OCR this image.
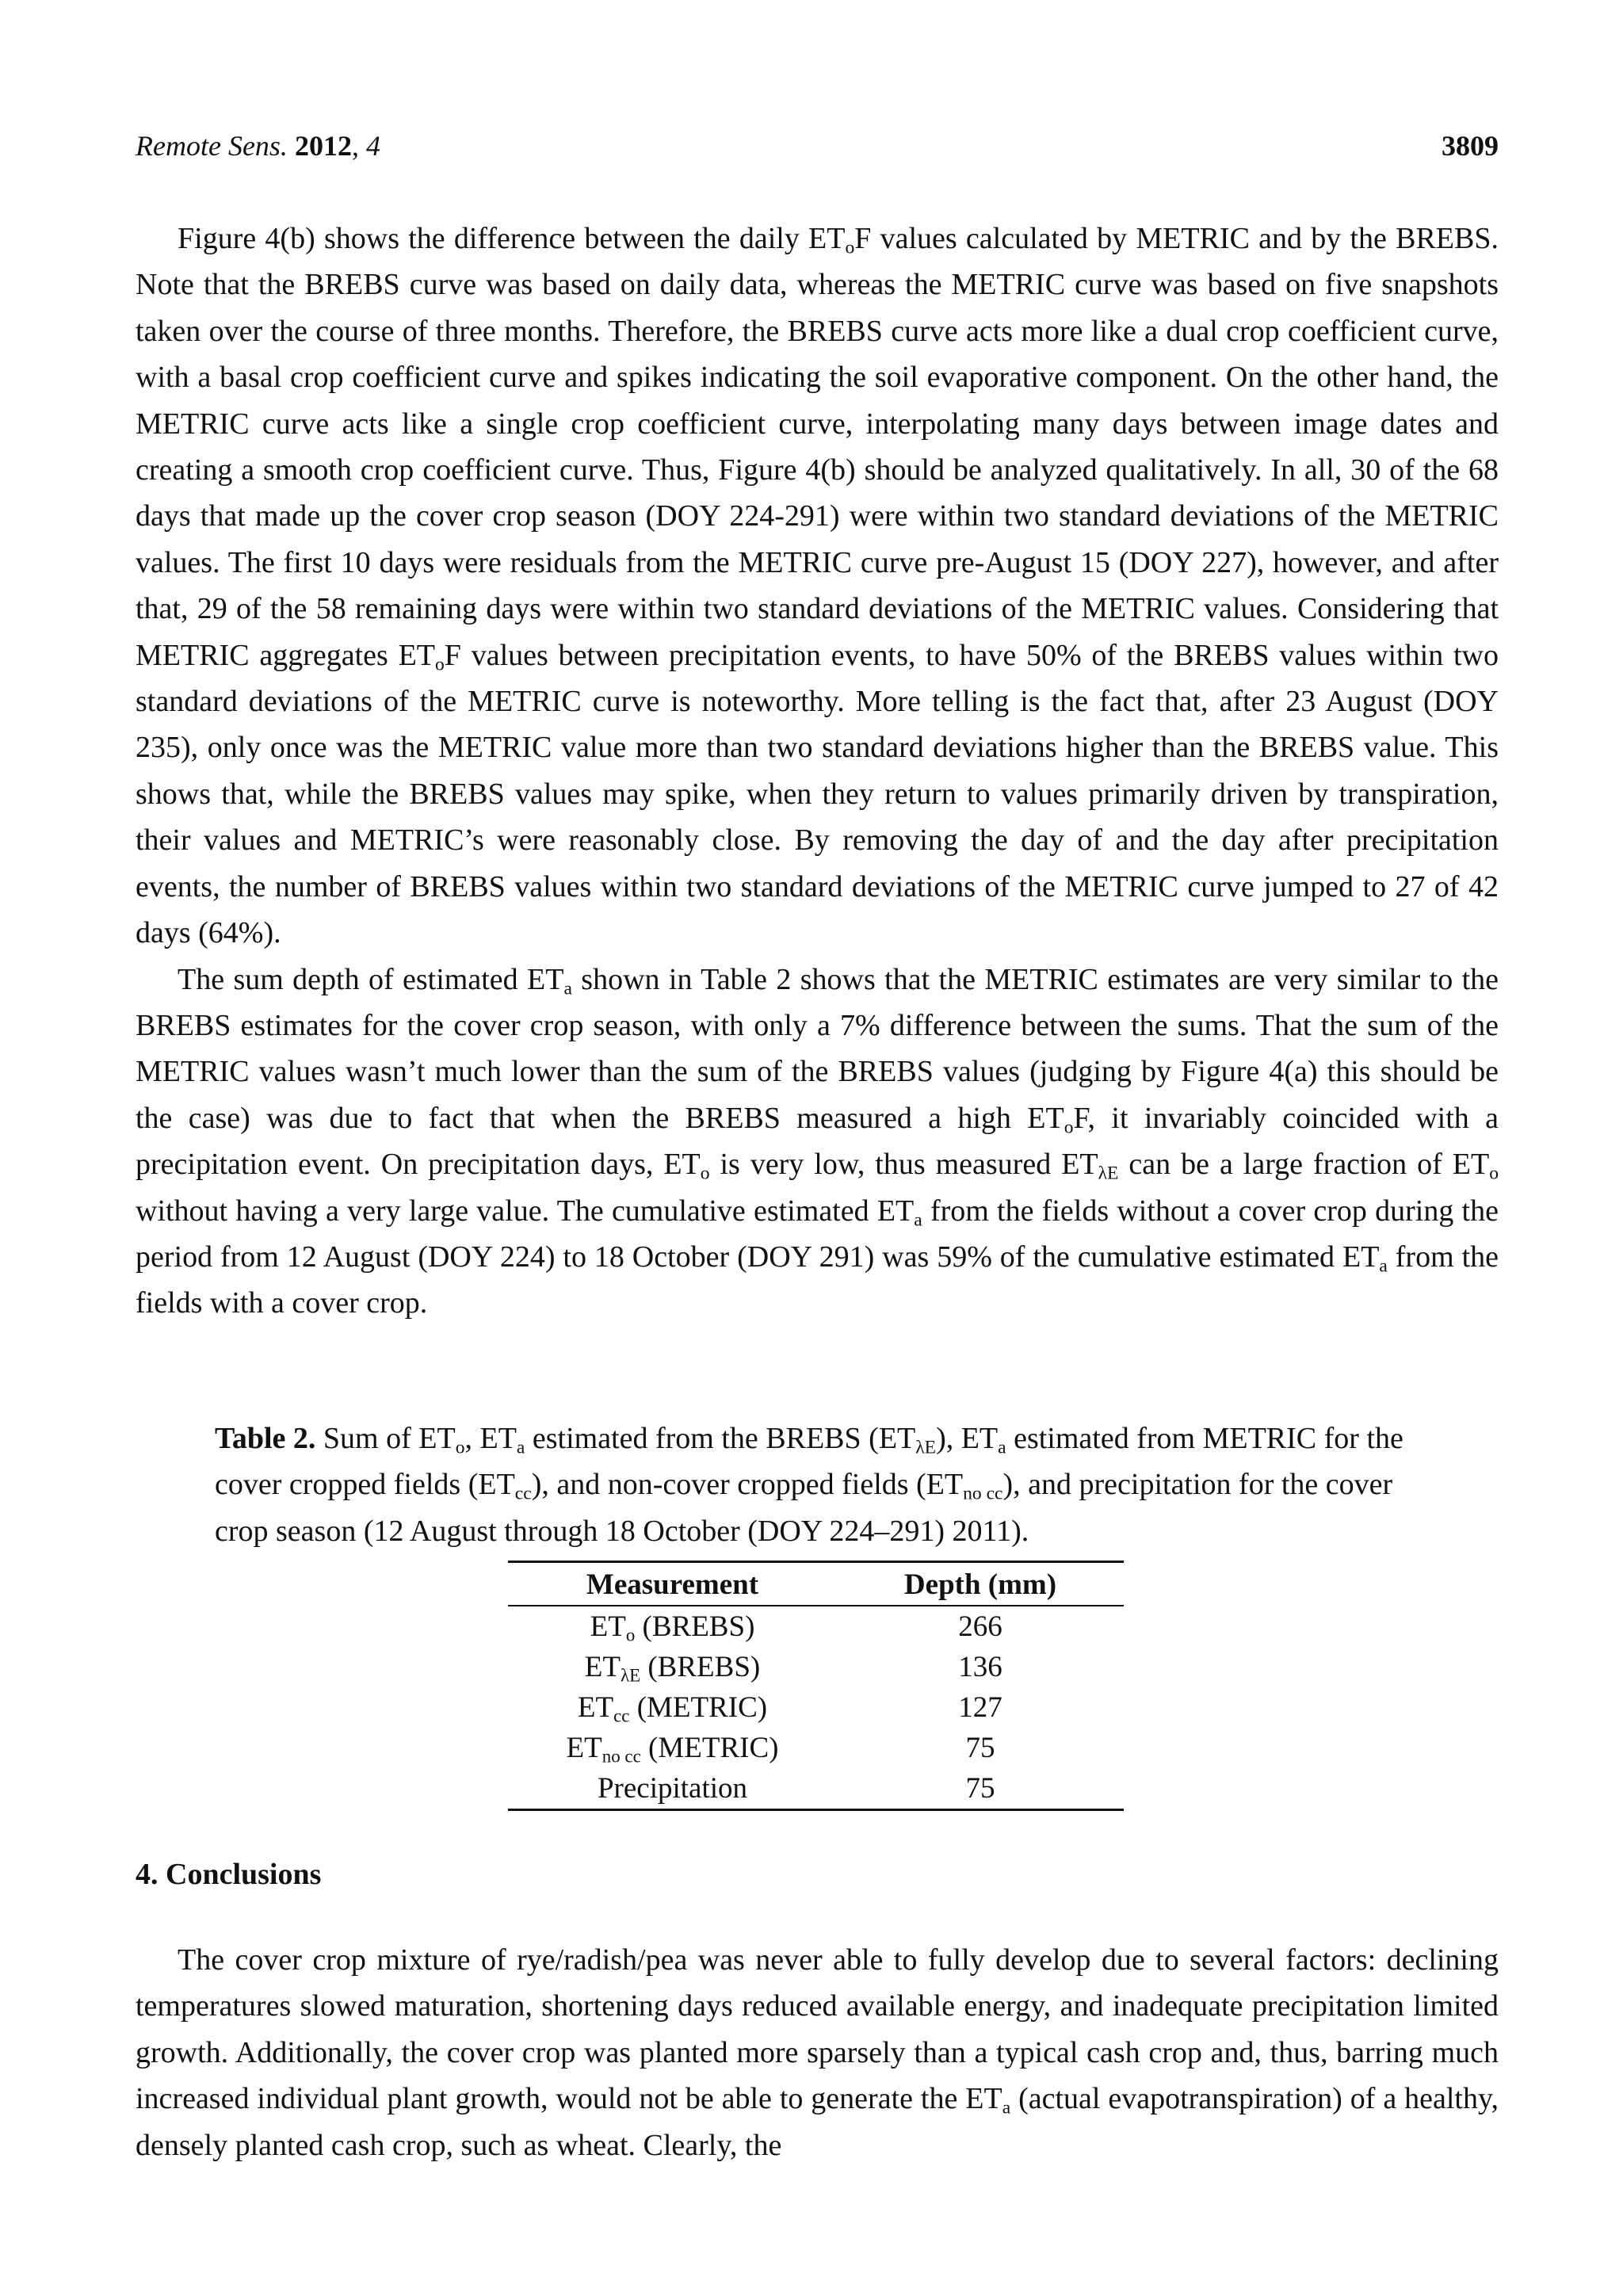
Remote Sens. 2012, 4	3809

Figure 4(b) shows the difference between the daily $ET_oF$ values calculated by METRIC and by the BREBS. Note that the BREBS curve was based on daily data, whereas the METRIC curve was based on five snapshots taken over the course of three months. Therefore, the BREBS curve acts more like a dual crop coefficient curve, with a basal crop coefficient curve and spikes indicating the soil evaporative component. On the other hand, the METRIC curve acts like a single crop coefficient curve, interpolating many days between image dates and creating a smooth crop coefficient curve. Thus, Figure 4(b) should be analyzed qualitatively. In all, 30 of the 68 days that made up the cover crop season (DOY 224-291) were within two standard deviations of the METRIC values. The first 10 days were residuals from the METRIC curve pre-August 15 (DOY 227), however, and after that, 29 of the 58 remaining days were within two standard deviations of the METRIC values. Considering that METRIC aggregates $ET_oF$ values between precipitation events, to have 50% of the BREBS values within two standard deviations of the METRIC curve is noteworthy. More telling is the fact that, after 23 August (DOY 235), only once was the METRIC value more than two standard deviations higher than the BREBS value. This shows that, while the BREBS values may spike, when they return to values primarily driven by transpiration, their values and METRIC’s were reasonably close. By removing the day of and the day after precipitation events, the number of BREBS values within two standard deviations of the METRIC curve jumped to 27 of 42 days (64%).

The sum depth of estimated $ET_a$ shown in Table 2 shows that the METRIC estimates are very similar to the BREBS estimates for the cover crop season, with only a 7% difference between the sums. That the sum of the METRIC values wasn’t much lower than the sum of the BREBS values (judging by Figure 4(a) this should be the case) was due to fact that when the BREBS measured a high $ET_oF$, it invariably coincided with a precipitation event. On precipitation days, $ET_o$ is very low, thus measured $ET_{\lambda E}$ can be a large fraction of $ET_o$ without having a very large value. The cumulative estimated $ET_a$ from the fields without a cover crop during the period from 12 August (DOY 224) to 18 October (DOY 291) was 59% of the cumulative estimated $ET_a$ from the fields with a cover crop.

Table 2. Sum of $ET_o$, $ET_a$ estimated from the BREBS $(ET_{\lambda E})$, $ET_a$ estimated from METRIC for the cover cropped fields $(ET_{cc})$, and non-cover cropped fields $(ET_{no cc})$, and precipitation for the cover crop season (12 August through 18 October (DOY 224–291) 2011).
Measurement	Depth (mm)
$ET_o$ (BREBS)	266
$ET_{\lambda E}$ (BREBS)	136
$ET_{cc}$ (METRIC)	127
$ET_{no cc}$ (METRIC)	75
Precipitation	75
4. Conclusions

The cover crop mixture of rye/radish/pea was never able to fully develop due to several factors: declining temperatures slowed maturation, shortening days reduced available energy, and inadequate precipitation limited growth. Additionally, the cover crop was planted more sparsely than a typical cash crop and, thus, barring much increased individual plant growth, would not be able to generate the $ET_a$ (actual evapotranspiration) of a healthy, densely planted cash crop, such as wheat. Clearly, the
